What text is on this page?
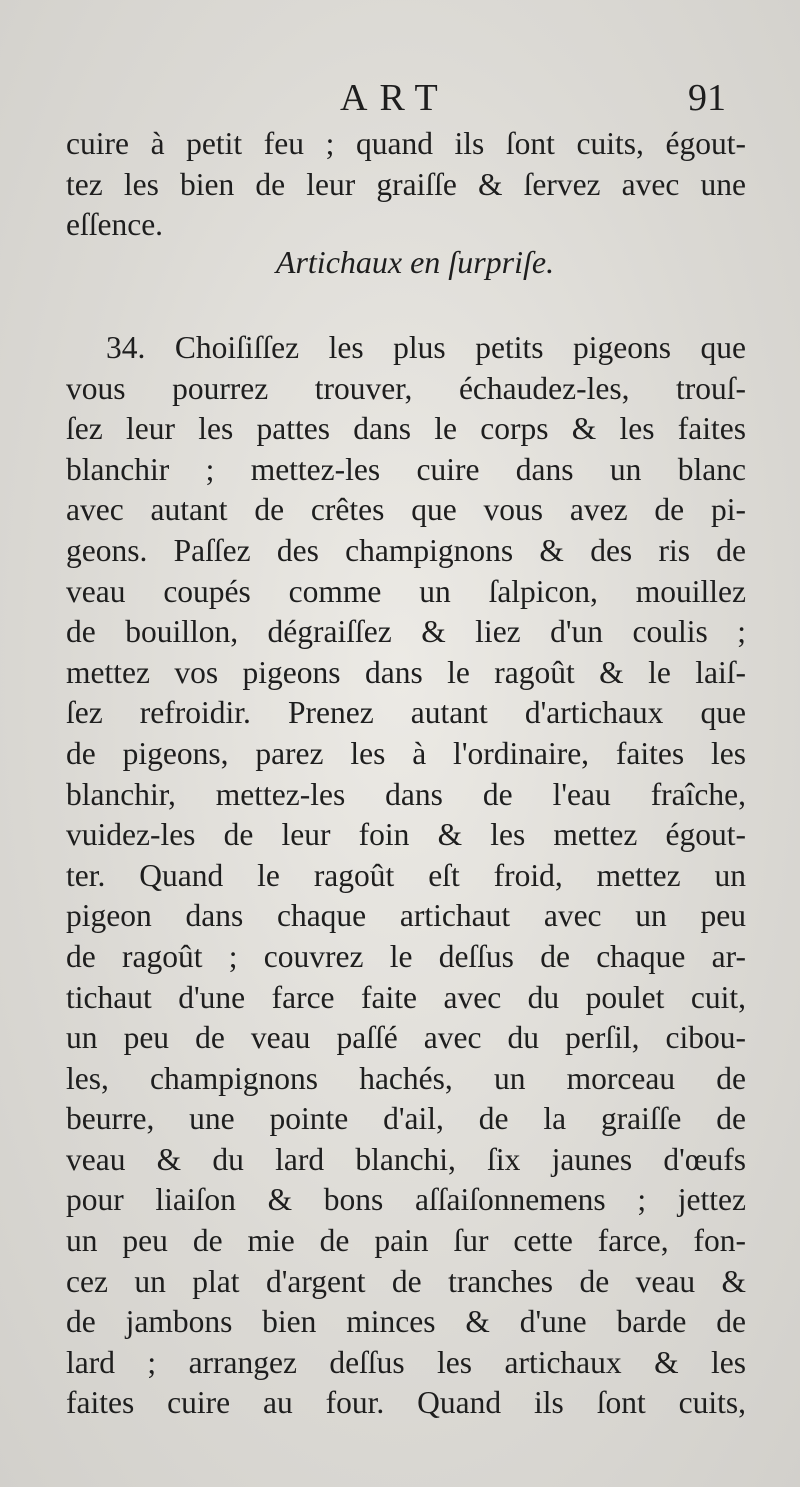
ART	91
cuire à petit feu ; quand ils ſont cuits, égout-
tez les bien de leur graiſſe & ſervez avec une
eſſence.
Artichaux en ſurpriſe.
34. Choiſiſſez les plus petits pigeons que
vous pourrez trouver, échaudez-les, trouſ-
ſez leur les pattes dans le corps & les faites
blanchir ; mettez-les cuire dans un blanc
avec autant de crêtes que vous avez de pi-
geons. Paſſez des champignons & des ris de
veau coupés comme un ſalpicon, mouillez
de bouillon, dégraiſſez & liez d'un coulis ;
mettez vos pigeons dans le ragoût & le laiſ-
ſez refroidir. Prenez autant d'artichaux que
de pigeons, parez les à l'ordinaire, faites les
blanchir, mettez-les dans de l'eau fraîche,
vuidez-les de leur foin & les mettez égout-
ter. Quand le ragoût eſt froid, mettez un
pigeon dans chaque artichaut avec un peu
de ragoût ; couvrez le deſſus de chaque ar-
tichaut d'une farce faite avec du poulet cuit,
un peu de veau paſſé avec du perſil, cibou-
les, champignons hachés, un morceau de
beurre, une pointe d'ail, de la graiſſe de
veau & du lard blanchi, ſix jaunes d'œufs
pour liaiſon & bons aſſaiſonnemens ; jettez
un peu de mie de pain ſur cette farce, fon-
cez un plat d'argent de tranches de veau &
de jambons bien minces & d'une barde de
lard ; arrangez deſſus les artichaux & les
faites cuire au four. Quand ils ſont cuits,
